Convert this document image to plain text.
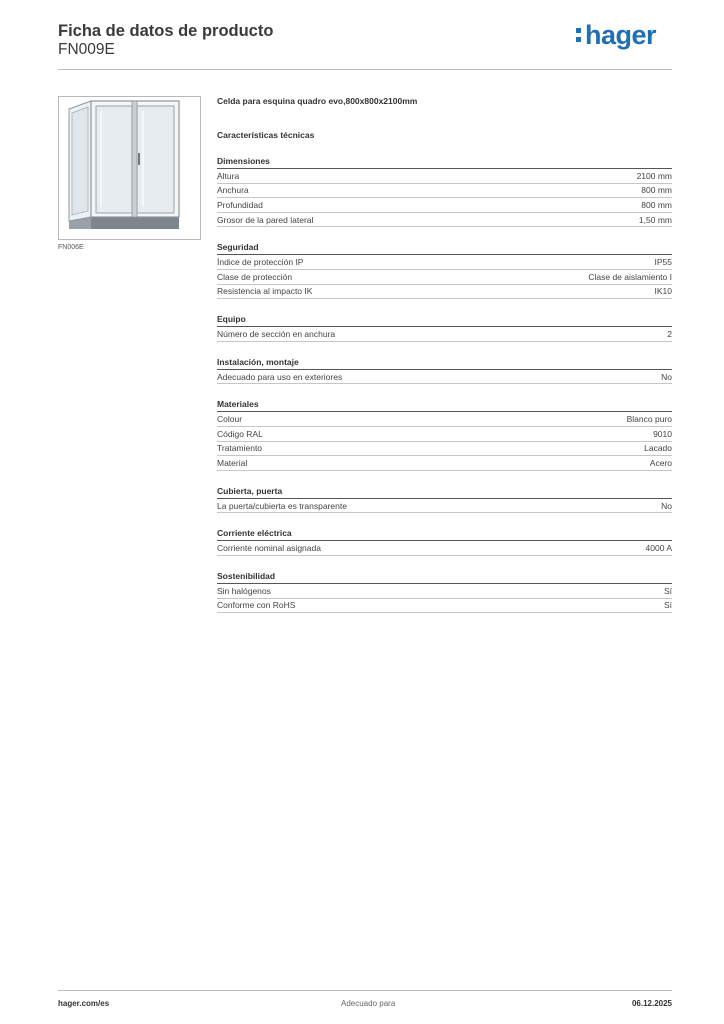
Ficha de datos de producto
FN009E	hager
FN006E
Celda para esquina quadro evo,800x800x2100mm
Características técnicas
Dimensiones
Altura	2100 mm
Anchura	800 mm
Profundidad	800 mm
Grosor de la pared lateral	1,50 mm
Seguridad
Índice de protección IP	IP55
Clase de protección	Clase de aislamiento I
Resistencia al impacto IK	IK10
Equipo
Número de sección en anchura	2
Instalación, montaje
Adecuado para uso en exteriores	No
Materiales
Colour	Blanco puro
Código RAL	9010
Tratamiento	Lacado
Material	Acero
Cubierta, puerta
La puerta/cubierta es transparente	No
Corriente eléctrica
Corriente nominal asignada	4000 A
Sostenibilidad
Sin halógenos	Sí
Conforme con RoHS	Sí
hager.com/es	Adecuado para	06.12.2025
